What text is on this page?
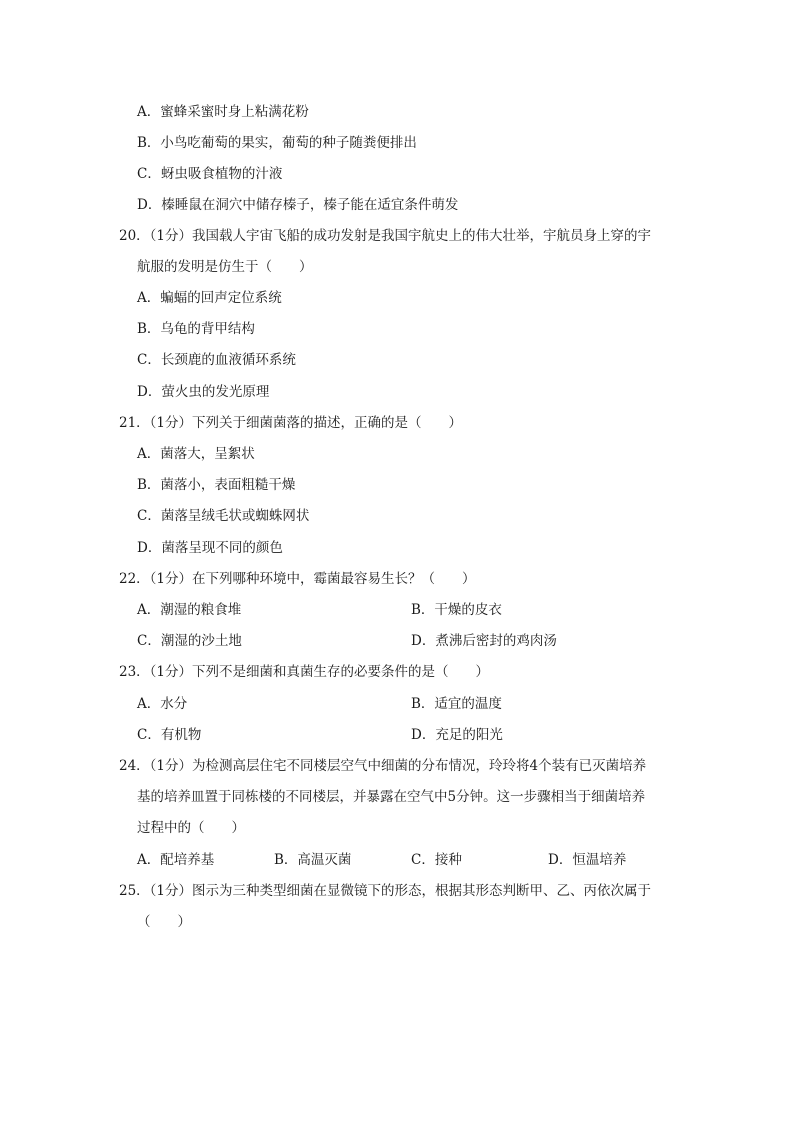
A．蜜蜂采蜜时身上粘满花粉
B．小鸟吃葡萄的果实，葡萄的种子随粪便排出
C．蚜虫吸食植物的汁液
D．榛睡鼠在洞穴中储存榛子，榛子能在适宜条件萌发
20．（1分）我国载人宇宙飞船的成功发射是我国宇航史上的伟大壮举，宇航员身上穿的宇
航服的发明是仿生于（　　）
A．蝙蝠的回声定位系统
B．乌龟的背甲结构
C．长颈鹿的血液循环系统
D．萤火虫的发光原理
21．（1分）下列关于细菌菌落的描述，正确的是（　　）
A．菌落大，呈絮状
B．菌落小，表面粗糙干燥
C．菌落呈绒毛状或蜘蛛网状
D．菌落呈现不同的颜色
22．（1分）在下列哪种环境中，霉菌最容易生长？（　　）
A．潮湿的粮食堆	B．干燥的皮衣
C．潮湿的沙土地	D．煮沸后密封的鸡肉汤
23．（1分）下列不是细菌和真菌生存的必要条件的是（　　）
A．水分	B．适宜的温度
C．有机物	D．充足的阳光
24．（1分）为检测高层住宅不同楼层空气中细菌的分布情况，玲玲将4个装有已灭菌培养
基的培养皿置于同栋楼的不同楼层，并暴露在空气中5分钟。这一步骤相当于细菌培养
过程中的（　　）
A．配培养基	B．高温灭菌	C．接种	D．恒温培养
25．（1分）图示为三种类型细菌在显微镜下的形态，根据其形态判断甲、乙、丙依次属于
（　　）
